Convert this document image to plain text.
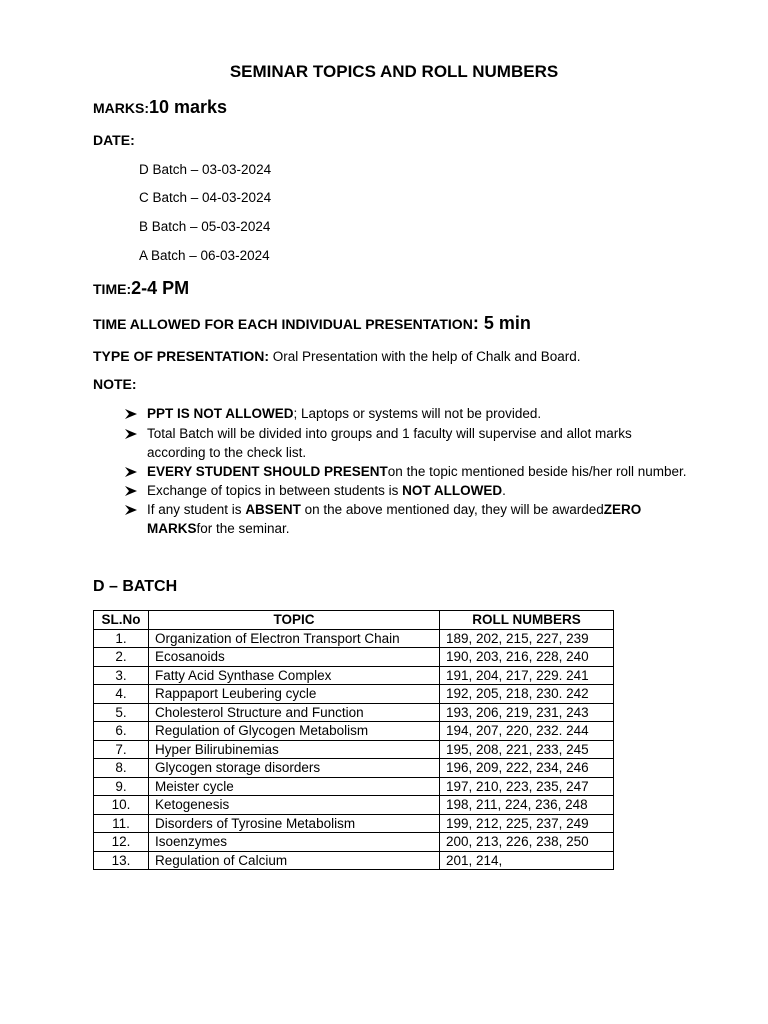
SEMINAR TOPICS AND ROLL NUMBERS
MARKS:10 marks
DATE:
D Batch – 03-03-2024
C Batch – 04-03-2024
B Batch – 05-03-2024
A Batch – 06-03-2024
TIME:2-4 PM
TIME ALLOWED FOR EACH INDIVIDUAL PRESENTATION: 5 min
TYPE OF PRESENTATION: Oral Presentation with the help of Chalk and Board.
NOTE:
PPT IS NOT ALLOWED; Laptops or systems will not be provided.
Total Batch will be divided into groups and 1 faculty will supervise and allot marks according to the check list.
EVERY STUDENT SHOULD PRESENTon the topic mentioned beside his/her roll number.
Exchange of topics in between students is NOT ALLOWED.
If any student is ABSENT on the above mentioned day, they will be awardedZERO MARKSfor the seminar.
D – BATCH
SL.No	TOPIC	ROLL NUMBERS
1.	Organization of Electron Transport Chain	189, 202, 215, 227, 239
2.	Ecosanoids	190, 203, 216, 228, 240
3.	Fatty Acid Synthase Complex	191, 204, 217, 229. 241
4.	Rappaport Leubering cycle	192, 205, 218, 230. 242
5.	Cholesterol Structure and Function	193, 206, 219, 231, 243
6.	Regulation of Glycogen Metabolism	194, 207, 220, 232. 244
7.	Hyper Bilirubinemias	195, 208, 221, 233, 245
8.	Glycogen storage disorders	196, 209, 222, 234, 246
9.	Meister cycle	197, 210, 223, 235, 247
10.	Ketogenesis	198, 211, 224, 236, 248
11.	Disorders of Tyrosine Metabolism	199, 212, 225, 237, 249
12.	Isoenzymes	200, 213, 226, 238, 250
13.	Regulation of Calcium	201, 214,
